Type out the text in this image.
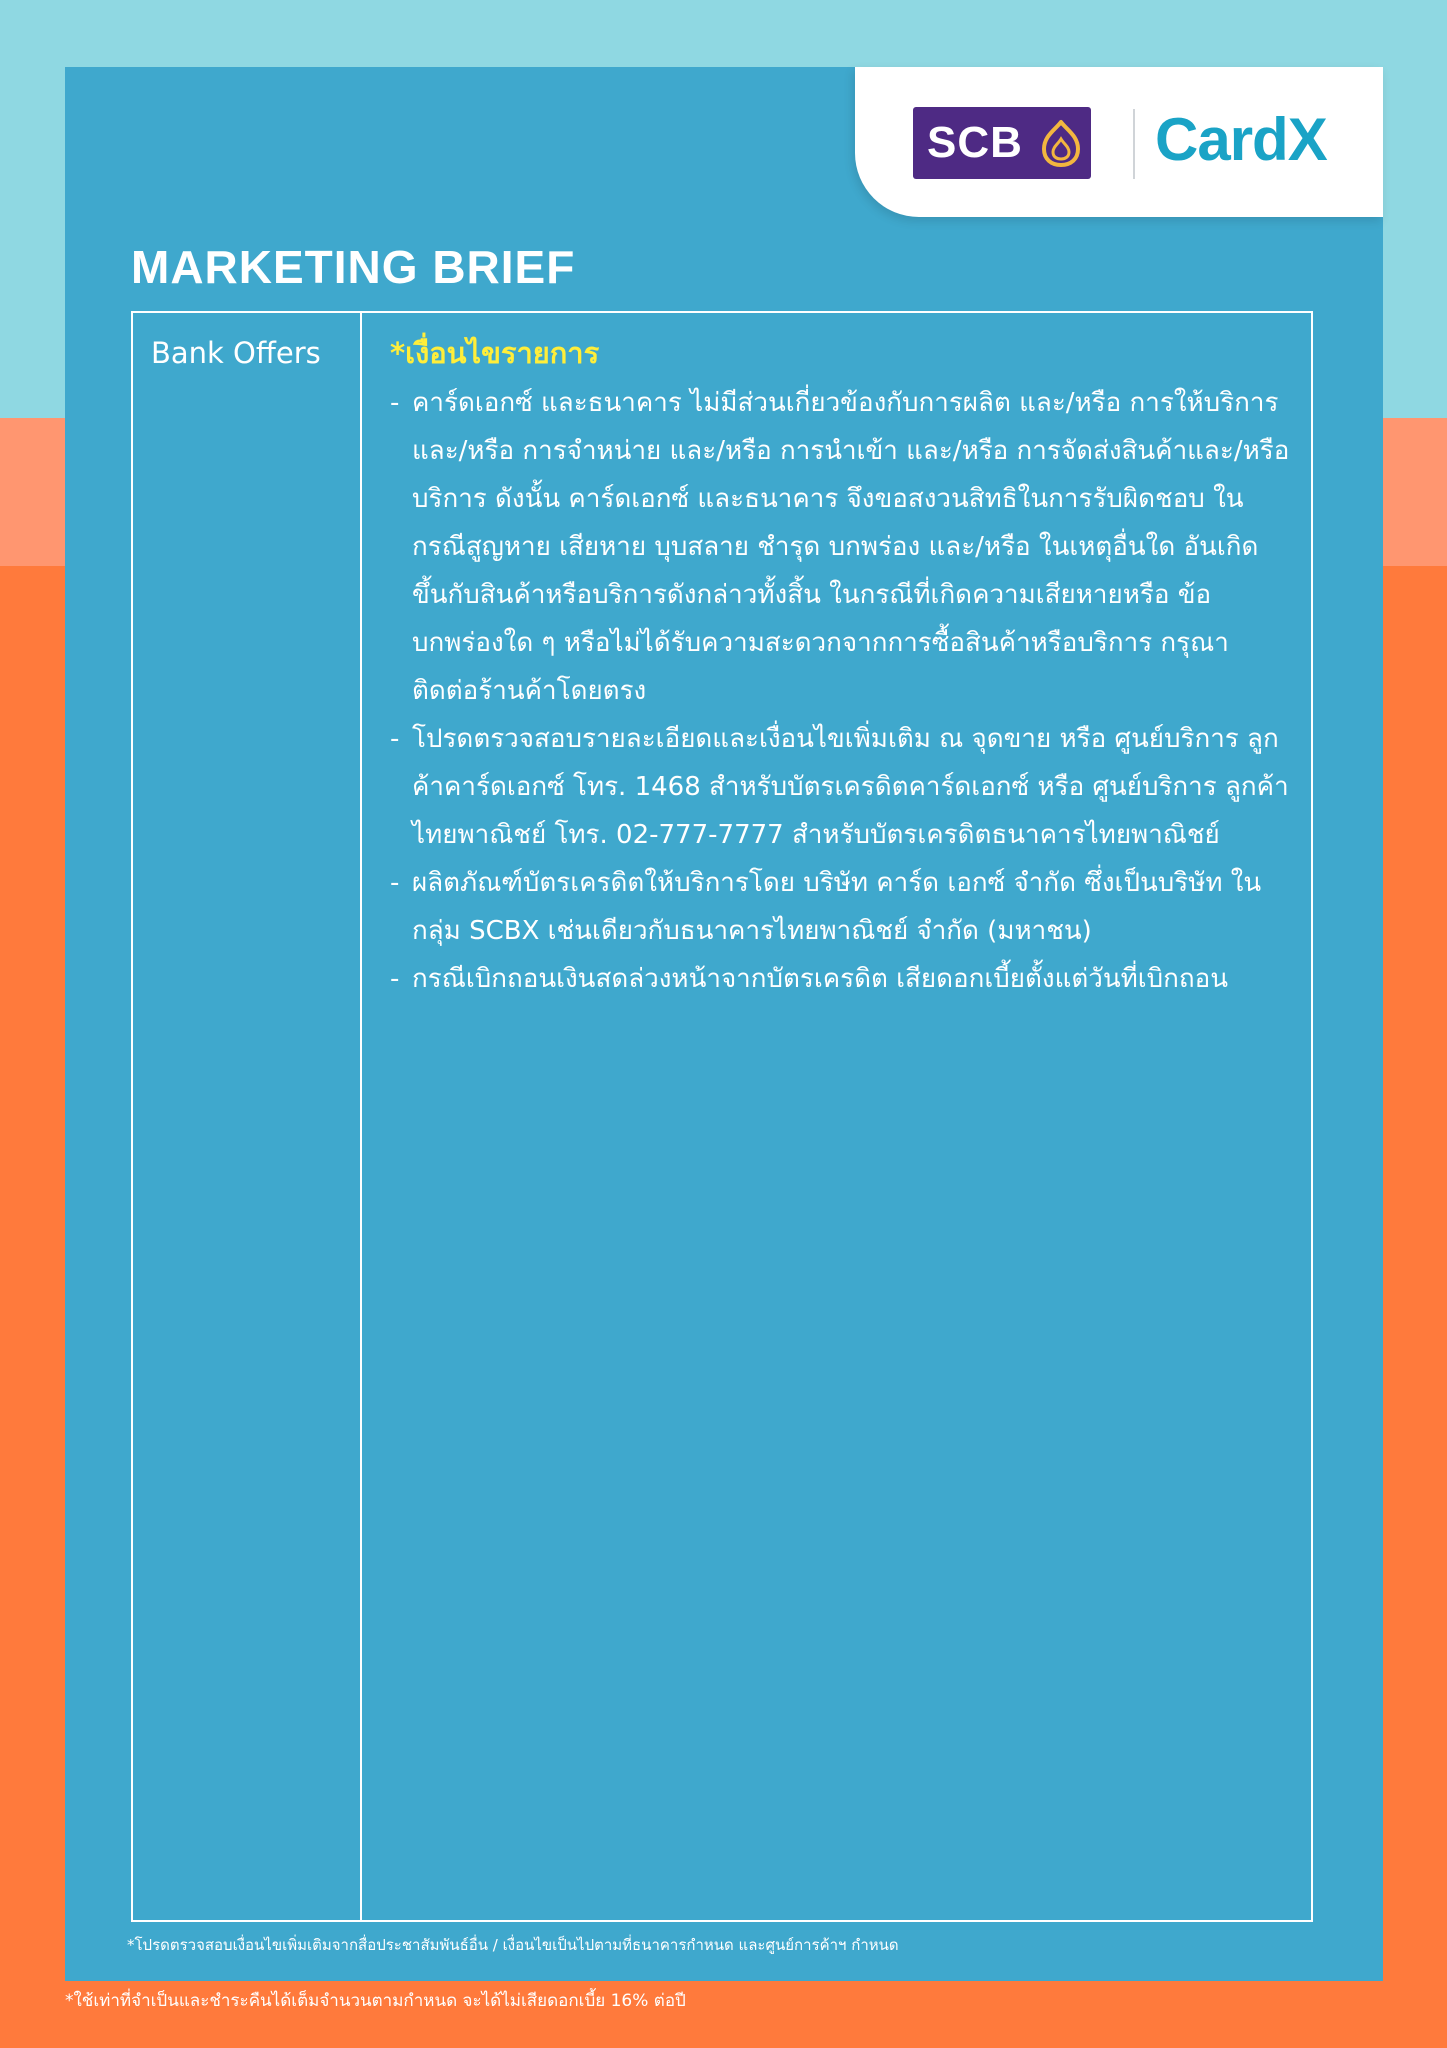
SCB CardX
MARKETING BRIEF
Bank Offers *เงื่อนไขรายการ
- คาร์ดเอกซ์ และธนาคาร ไม่มีส่วนเกี่ยวข้องกับการผลิต และ/หรือ การให้บริการ และ/หรือ การจำหน่าย และ/หรือ การนำเข้า และ/หรือ การจัดส่งสินค้าและ/หรือ บริการ ดังนั้น คาร์ดเอกซ์ และธนาคาร จึงขอสงวนสิทธิในการรับผิดชอบ ในกรณีสูญหาย เสียหาย บุบสลาย ชำรุด บกพร่อง และ/หรือ ในเหตุอื่นใด อันเกิดขึ้นกับสินค้าหรือบริการดังกล่าวทั้งสิ้น ในกรณีที่เกิดความเสียหายหรือ ข้อบกพร่องใด ๆ หรือไม่ได้รับความสะดวกจากการซื้อสินค้าหรือบริการ กรุณาติดต่อร้านค้าโดยตรง
- โปรดตรวจสอบรายละเอียดและเงื่อนไขเพิ่มเติม ณ จุดขาย หรือ ศูนย์บริการ ลูกค้าคาร์ดเอกซ์ โทร. 1468 สำหรับบัตรเครดิตคาร์ดเอกซ์ หรือ ศูนย์บริการ ลูกค้าไทยพาณิชย์ โทร. 02-777-7777 สำหรับบัตรเครดิตธนาคารไทยพาณิชย์
- ผลิตภัณฑ์บัตรเครดิตให้บริการโดย บริษัท คาร์ด เอกซ์ จำกัด ซึ่งเป็นบริษัท ในกลุ่ม SCBX เช่นเดียวกับธนาคารไทยพาณิชย์ จำกัด (มหาชน)
- กรณีเบิกถอนเงินสดล่วงหน้าจากบัตรเครดิต เสียดอกเบี้ยตั้งแต่วันที่เบิกถอน
*โปรดตรวจสอบเงื่อนไขเพิ่มเติมจากสื่อประชาสัมพันธ์อื่น / เงื่อนไขเป็นไปตามที่ธนาคารกำหนด และศูนย์การค้าฯ กำหนด
*ใช้เท่าที่จำเป็นและชำระคืนได้เต็มจำนวนตามกำหนด จะได้ไม่เสียดอกเบี้ย 16% ต่อปี
